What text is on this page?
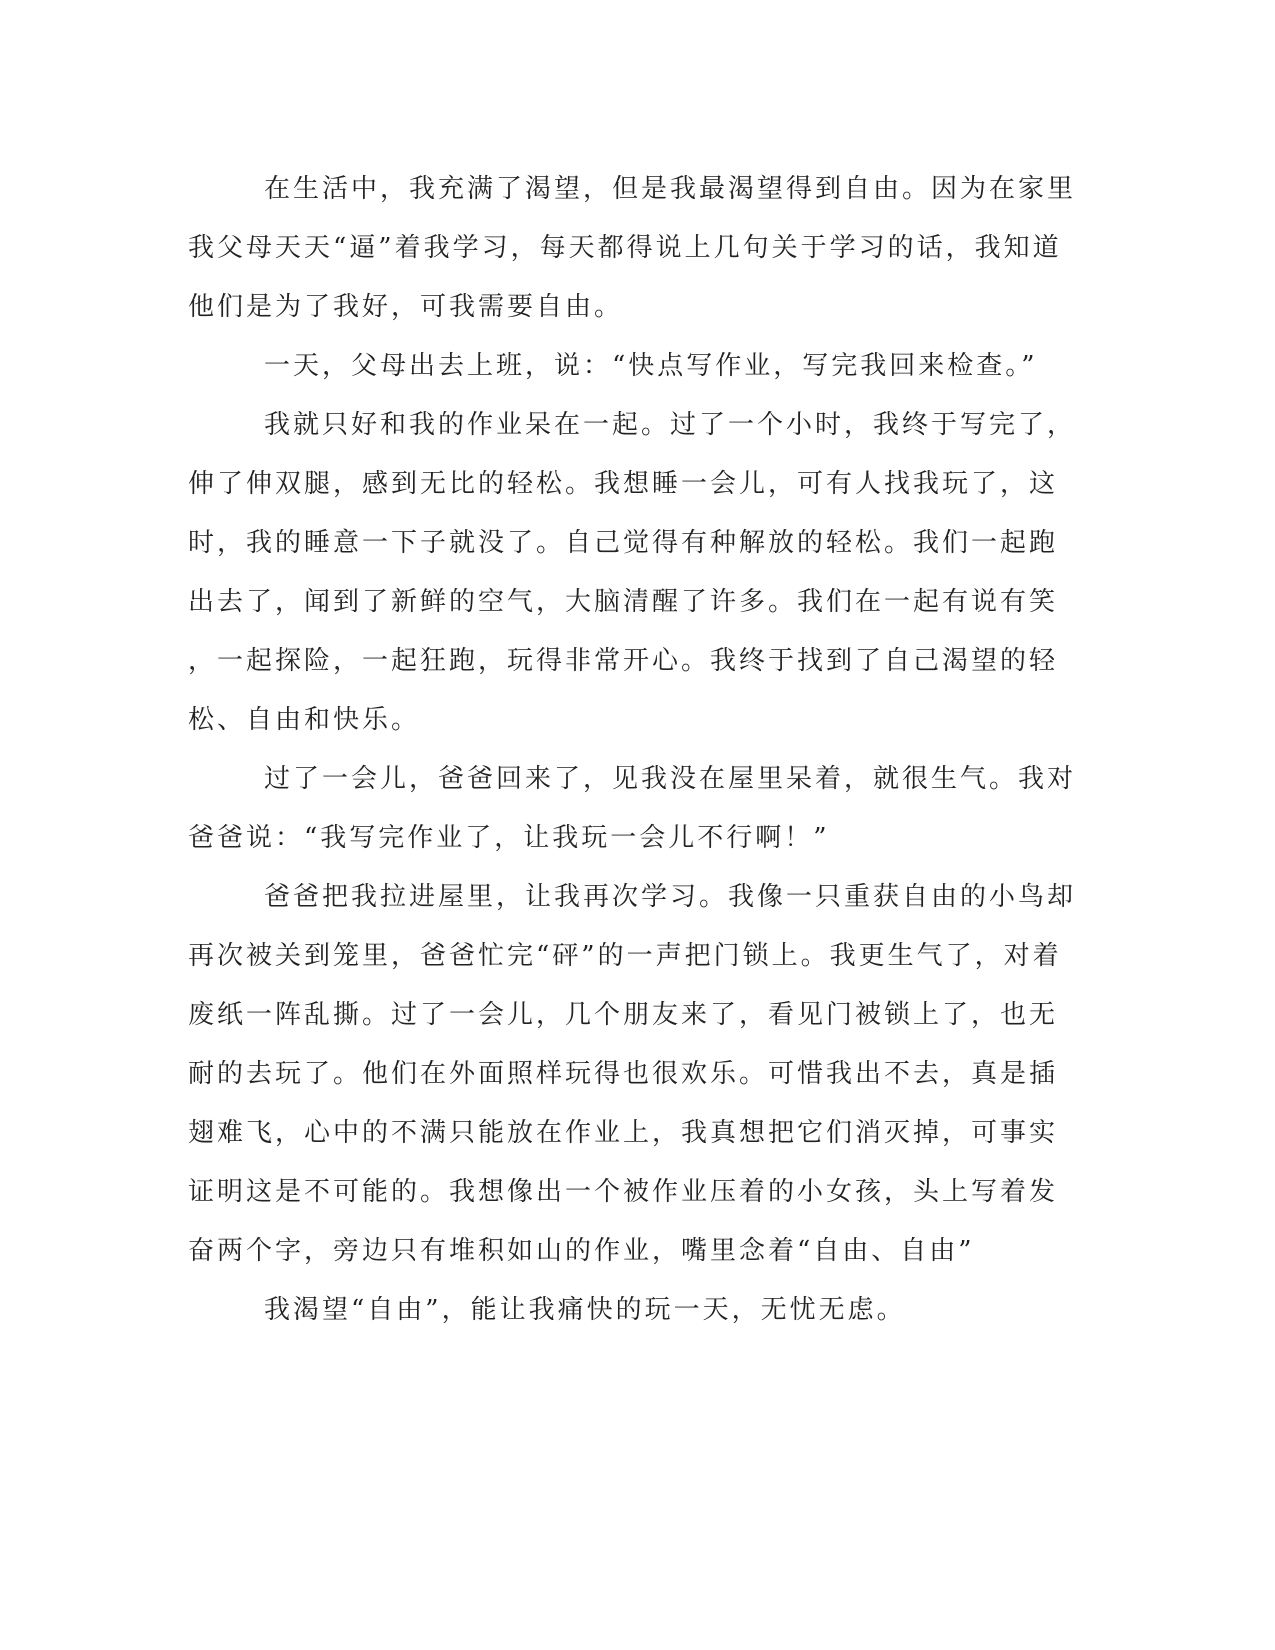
在生活中，我充满了渴望，但是我最渴望得到自由。因为在家里
我父母天天“逼”着我学习，每天都得说上几句关于学习的话，我知道
他们是为了我好，可我需要自由。
一天，父母出去上班，说：“快点写作业，写完我回来检查。”
我就只好和我的作业呆在一起。过了一个小时，我终于写完了，
伸了伸双腿，感到无比的轻松。我想睡一会儿，可有人找我玩了，这
时，我的睡意一下子就没了。自己觉得有种解放的轻松。我们一起跑
出去了，闻到了新鲜的空气，大脑清醒了许多。我们在一起有说有笑
，一起探险，一起狂跑，玩得非常开心。我终于找到了自己渴望的轻
松、自由和快乐。
过了一会儿，爸爸回来了，见我没在屋里呆着，就很生气。我对
爸爸说：“我写完作业了，让我玩一会儿不行啊！”
爸爸把我拉进屋里，让我再次学习。我像一只重获自由的小鸟却
再次被关到笼里，爸爸忙完“砰”的一声把门锁上。我更生气了，对着
废纸一阵乱撕。过了一会儿，几个朋友来了，看见门被锁上了，也无
耐的去玩了。他们在外面照样玩得也很欢乐。可惜我出不去，真是插
翅难飞，心中的不满只能放在作业上，我真想把它们消灭掉，可事实
证明这是不可能的。我想像出一个被作业压着的小女孩，头上写着发
奋两个字，旁边只有堆积如山的作业，嘴里念着“自由、自由”
我渴望“自由”，能让我痛快的玩一天，无忧无虑。
